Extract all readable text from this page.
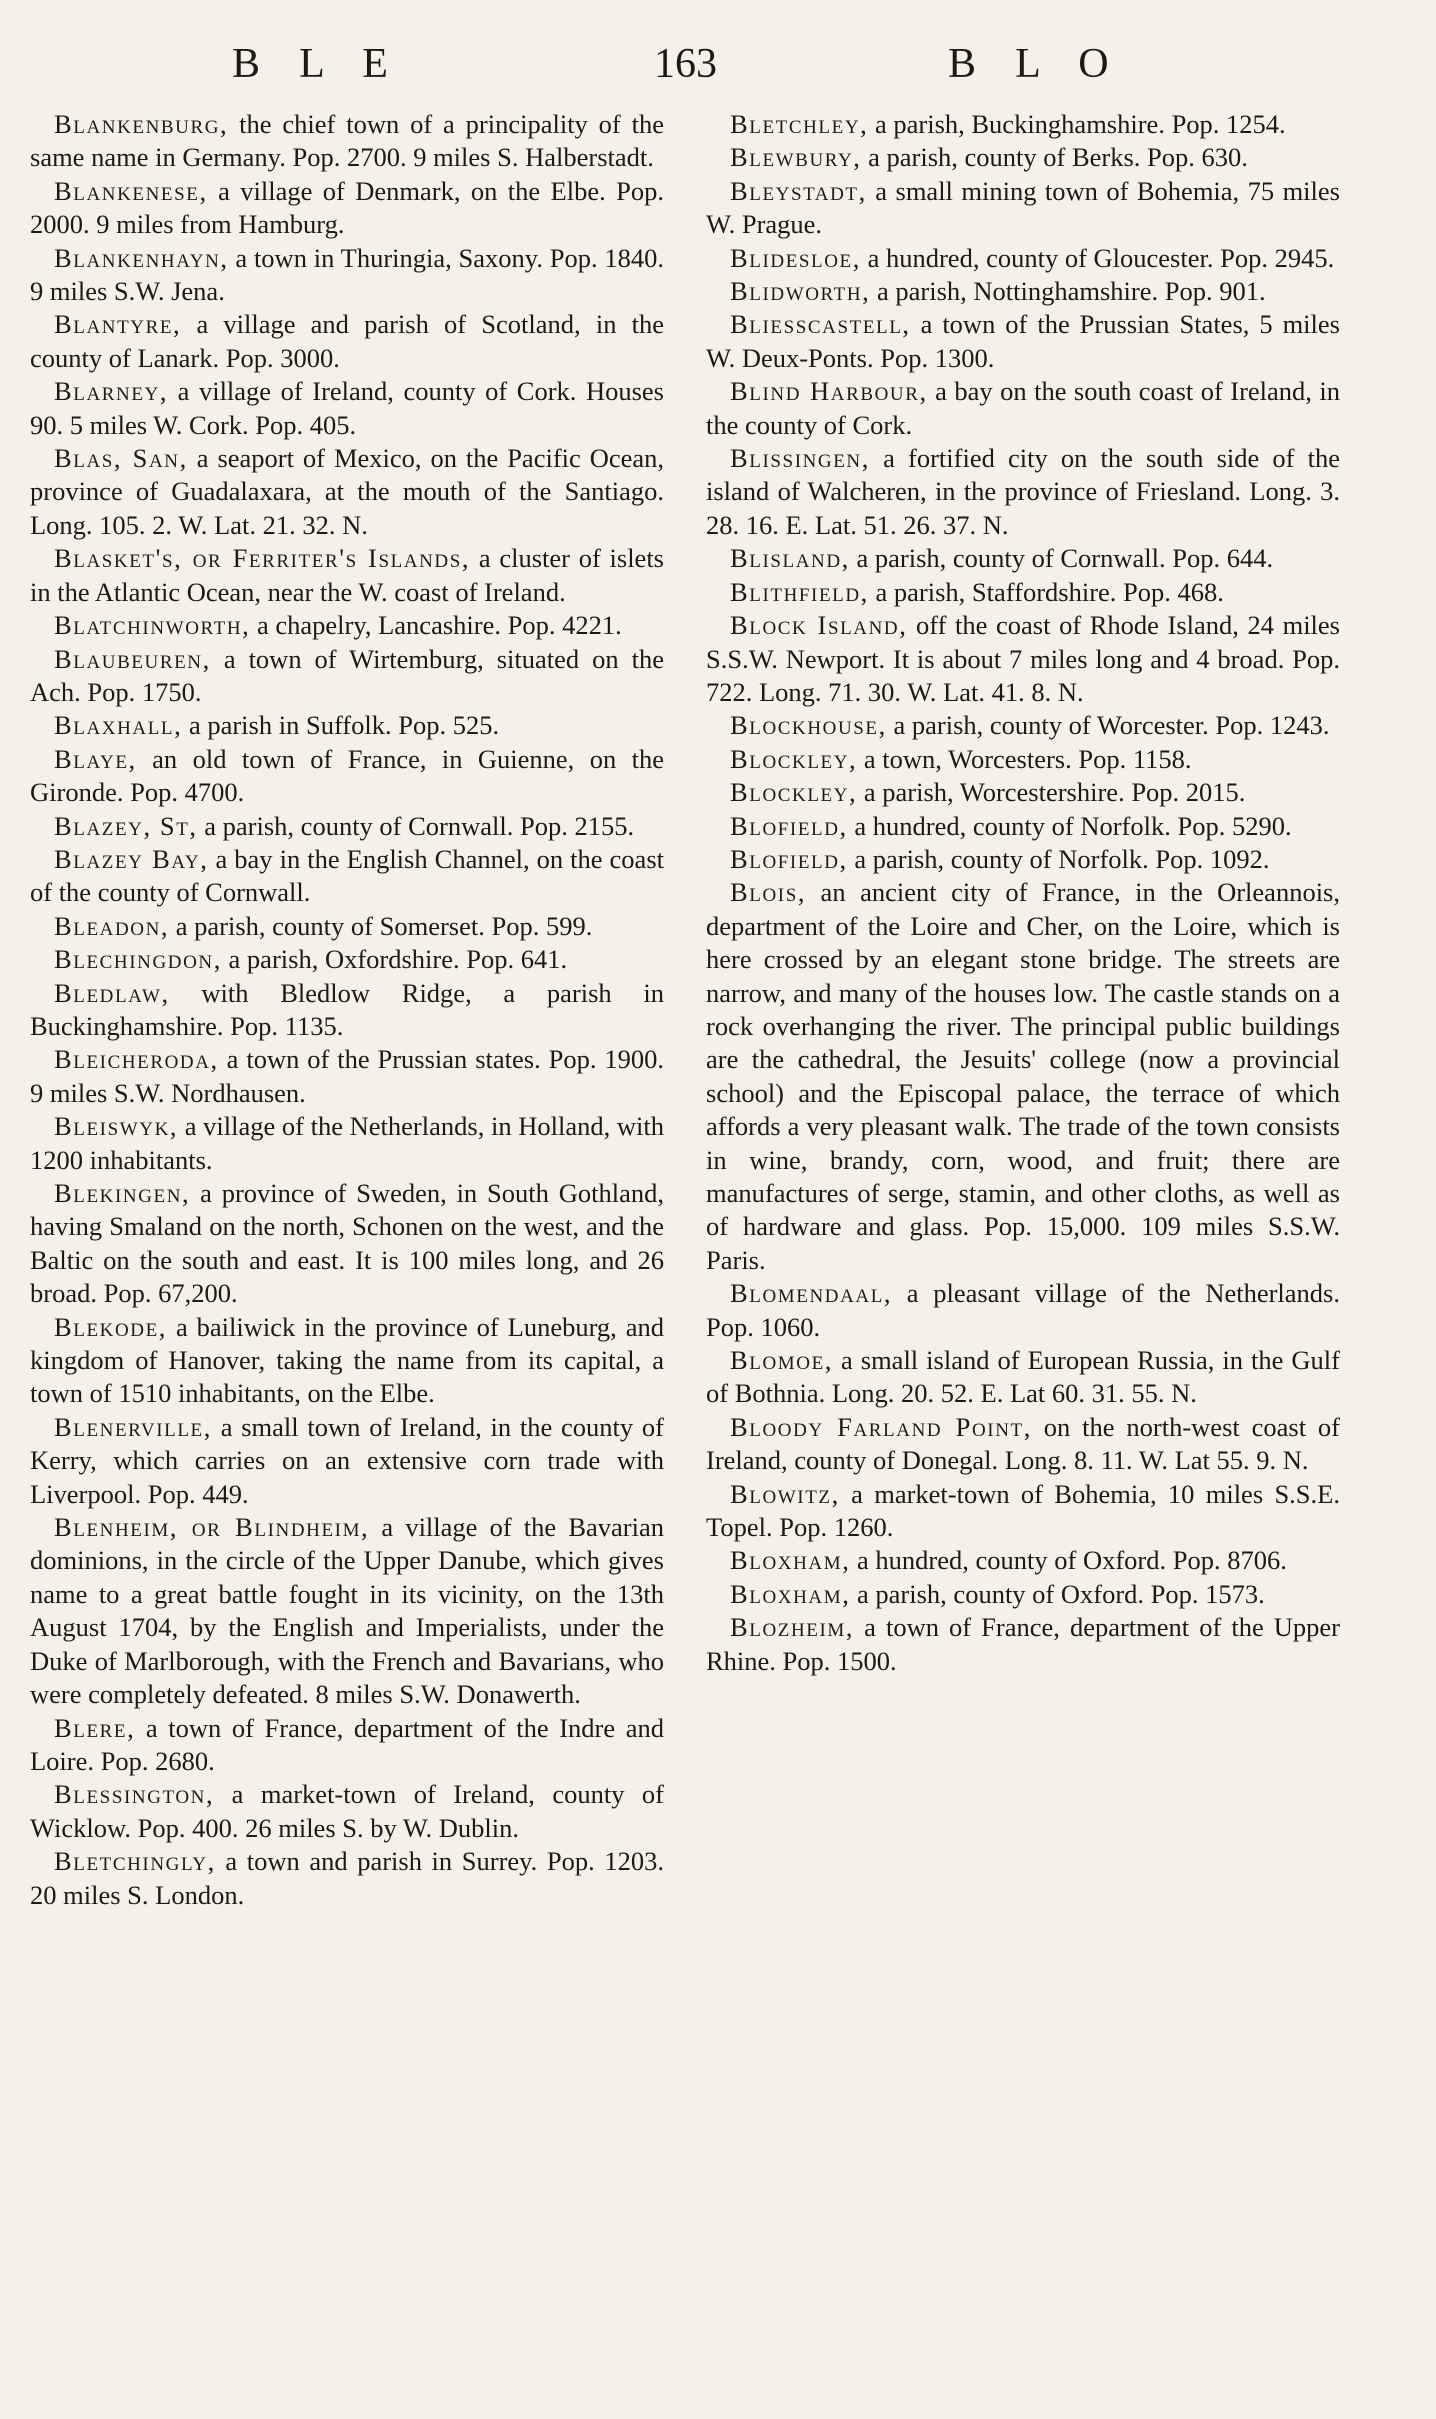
B L E	163	B L O

Blankenburg, the chief town of a principality of the same name in Germany. Pop. 2700. 9 miles S. Halberstadt.

Blankenese, a village of Denmark, on the Elbe. Pop. 2000. 9 miles from Hamburg.

Blankenhayn, a town in Thuringia, Saxony. Pop. 1840. 9 miles S.W. Jena.

Blantyre, a village and parish of Scotland, in the county of Lanark. Pop. 3000.

Blarney, a village of Ireland, county of Cork. Houses 90. 5 miles W. Cork. Pop. 405.

Blas, San, a seaport of Mexico, on the Pacific Ocean, province of Guadalaxara, at the mouth of the Santiago. Long. 105. 2. W. Lat. 21. 32. N.

Blasket's, or Ferriter's Islands, a cluster of islets in the Atlantic Ocean, near the W. coast of Ireland.

Blatchinworth, a chapelry, Lancashire. Pop. 4221.

Blaubeuren, a town of Wirtemburg, situated on the Ach. Pop. 1750.

Blaxhall, a parish in Suffolk. Pop. 525.

Blaye, an old town of France, in Guienne, on the Gironde. Pop. 4700.

Blazey, St, a parish, county of Cornwall. Pop. 2155.

Blazey Bay, a bay in the English Channel, on the coast of the county of Cornwall.

Bleadon, a parish, county of Somerset. Pop. 599.

Blechingdon, a parish, Oxfordshire. Pop. 641.

Bledlaw, with Bledlow Ridge, a parish in Buckinghamshire. Pop. 1135.

Bleicheroda, a town of the Prussian states. Pop. 1900. 9 miles S.W. Nordhausen.

Bleiswyk, a village of the Netherlands, in Holland, with 1200 inhabitants.

Blekingen, a province of Sweden, in South Gothland, having Smaland on the north, Schonen on the west, and the Baltic on the south and east. It is 100 miles long, and 26 broad. Pop. 67,200.

Blekode, a bailiwick in the province of Luneburg, and kingdom of Hanover, taking the name from its capital, a town of 1510 inhabitants, on the Elbe.

Blenerville, a small town of Ireland, in the county of Kerry, which carries on an extensive corn trade with Liverpool. Pop. 449.

Blenheim, or Blindheim, a village of the Bavarian dominions, in the circle of the Upper Danube, which gives name to a great battle fought in its vicinity, on the 13th August 1704, by the English and Imperialists, under the Duke of Marlborough, with the French and Bavarians, who were completely defeated. 8 miles S.W. Donawerth.

Blere, a town of France, department of the Indre and Loire. Pop. 2680.

Blessington, a market-town of Ireland, county of Wicklow. Pop. 400. 26 miles S. by W. Dublin.

Bletchingly, a town and parish in Surrey. Pop. 1203. 20 miles S. London.

Bletchley, a parish, Buckinghamshire. Pop. 1254.

Blewbury, a parish, county of Berks. Pop. 630.

Bleystadt, a small mining town of Bohemia, 75 miles W. Prague.

Blidesloe, a hundred, county of Gloucester. Pop. 2945.

Blidworth, a parish, Nottinghamshire. Pop. 901.

Bliesscastell, a town of the Prussian States, 5 miles W. Deux-Ponts. Pop. 1300.

Blind Harbour, a bay on the south coast of Ireland, in the county of Cork.

Blissingen, a fortified city on the south side of the island of Walcheren, in the province of Friesland. Long. 3. 28. 16. E. Lat. 51. 26. 37. N.

Blisland, a parish, county of Cornwall. Pop. 644.

Blithfield, a parish, Staffordshire. Pop. 468.

Block Island, off the coast of Rhode Island, 24 miles S.S.W. Newport. It is about 7 miles long and 4 broad. Pop. 722. Long. 71. 30. W. Lat. 41. 8. N.

Blockhouse, a parish, county of Worcester. Pop. 1243.

Blockley, a town, Worcesters. Pop. 1158.

Blockley, a parish, Worcestershire. Pop. 2015.

Blofield, a hundred, county of Norfolk. Pop. 5290.

Blofield, a parish, county of Norfolk. Pop. 1092.

Blois, an ancient city of France, in the Orleannois, department of the Loire and Cher, on the Loire, which is here crossed by an elegant stone bridge. The streets are narrow, and many of the houses low. The castle stands on a rock overhanging the river. The principal public buildings are the cathedral, the Jesuits' college (now a provincial school) and the Episcopal palace, the terrace of which affords a very pleasant walk. The trade of the town consists in wine, brandy, corn, wood, and fruit; there are manufactures of serge, stamin, and other cloths, as well as of hardware and glass. Pop. 15,000. 109 miles S.S.W. Paris.

Blomendaal, a pleasant village of the Netherlands. Pop. 1060.

Blomoe, a small island of European Russia, in the Gulf of Bothnia. Long. 20. 52. E. Lat 60. 31. 55. N.

Bloody Farland Point, on the north-west coast of Ireland, county of Donegal. Long. 8. 11. W. Lat 55. 9. N.

Blowitz, a market-town of Bohemia, 10 miles S.S.E. Topel. Pop. 1260.

Bloxham, a hundred, county of Oxford. Pop. 8706.

Bloxham, a parish, county of Oxford. Pop. 1573.

Blozheim, a town of France, department of the Upper Rhine. Pop. 1500.
